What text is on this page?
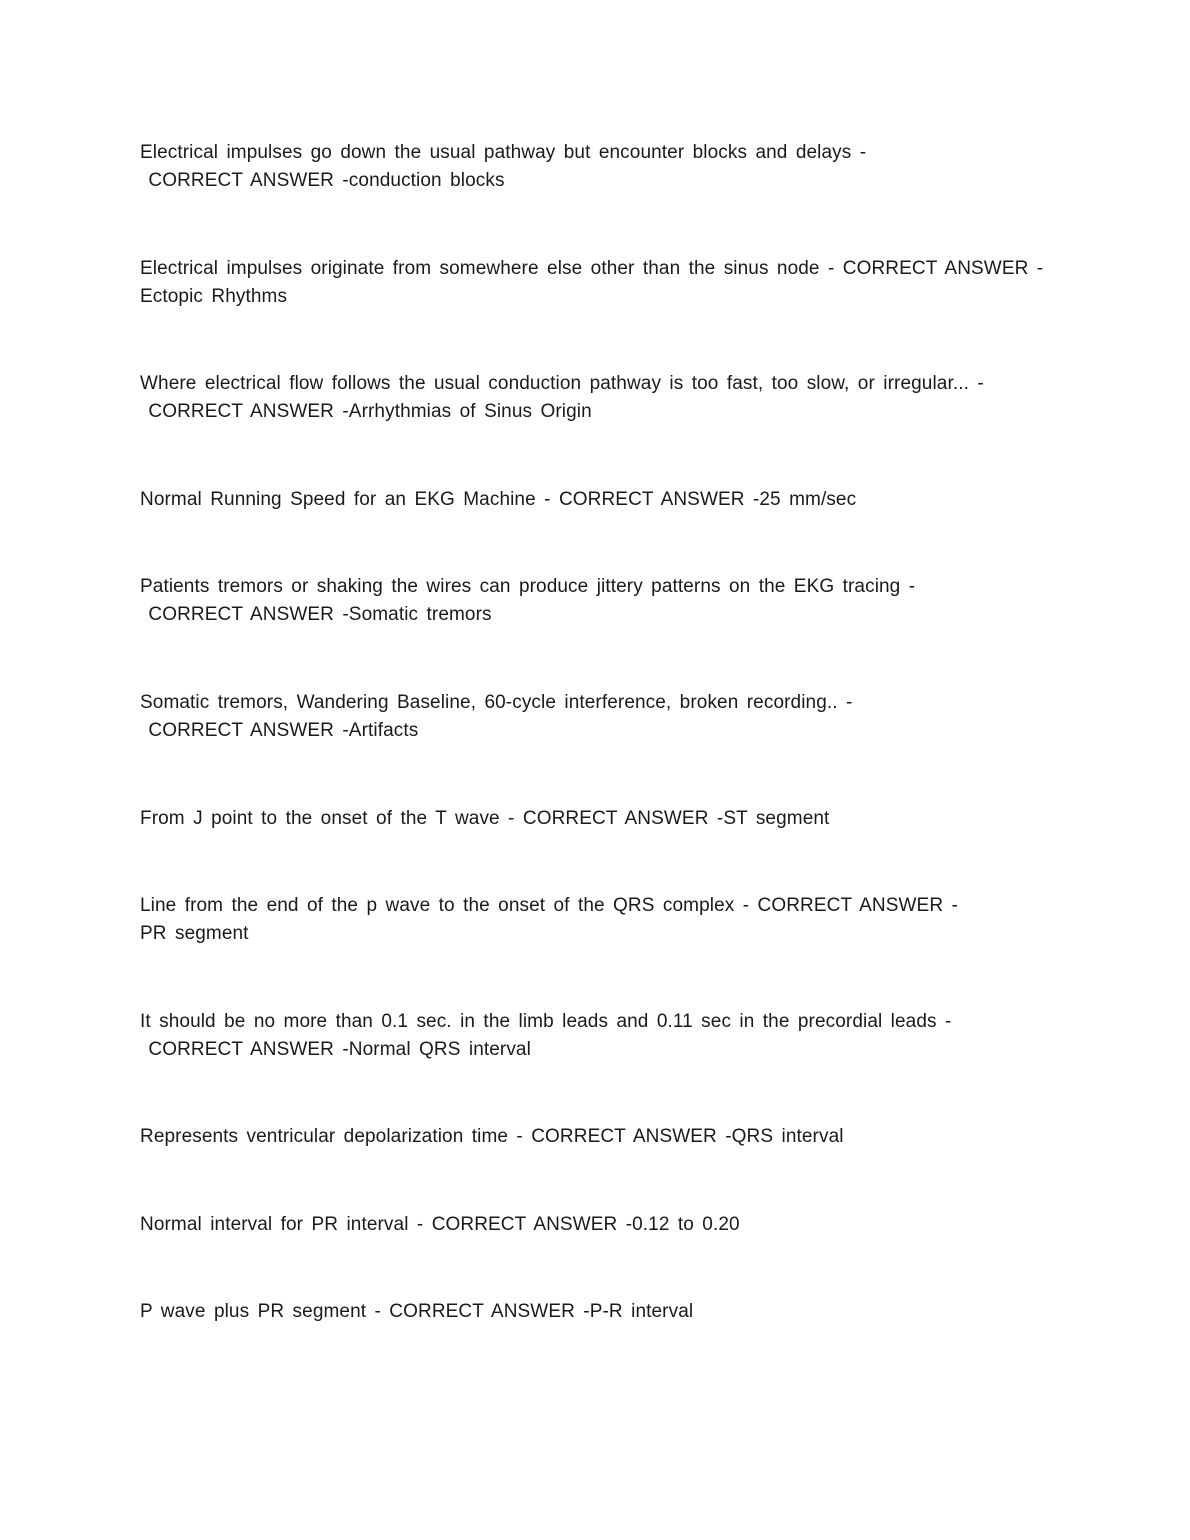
Electrical impulses go down the usual pathway but encounter blocks and delays -
CORRECT ANSWER -conduction blocks
Electrical impulses originate from somewhere else other than the sinus node - CORRECT ANSWER -
Ectopic Rhythms
Where electrical flow follows the usual conduction pathway is too fast, too slow, or irregular... -
CORRECT ANSWER -Arrhythmias of Sinus Origin
Normal Running Speed for an EKG Machine - CORRECT ANSWER -25 mm/sec
Patients tremors or shaking the wires can produce jittery patterns on the EKG tracing -
CORRECT ANSWER -Somatic tremors
Somatic tremors, Wandering Baseline, 60-cycle interference, broken recording.. -
CORRECT ANSWER -Artifacts
From J point to the onset of the T wave - CORRECT ANSWER -ST segment
Line from the end of the p wave to the onset of the QRS complex - CORRECT ANSWER -
PR segment
It should be no more than 0.1 sec. in the limb leads and 0.11 sec in the precordial leads -
CORRECT ANSWER -Normal QRS interval
Represents ventricular depolarization time - CORRECT ANSWER -QRS interval
Normal interval for PR interval - CORRECT ANSWER -0.12 to 0.20
P wave plus PR segment - CORRECT ANSWER -P-R interval
